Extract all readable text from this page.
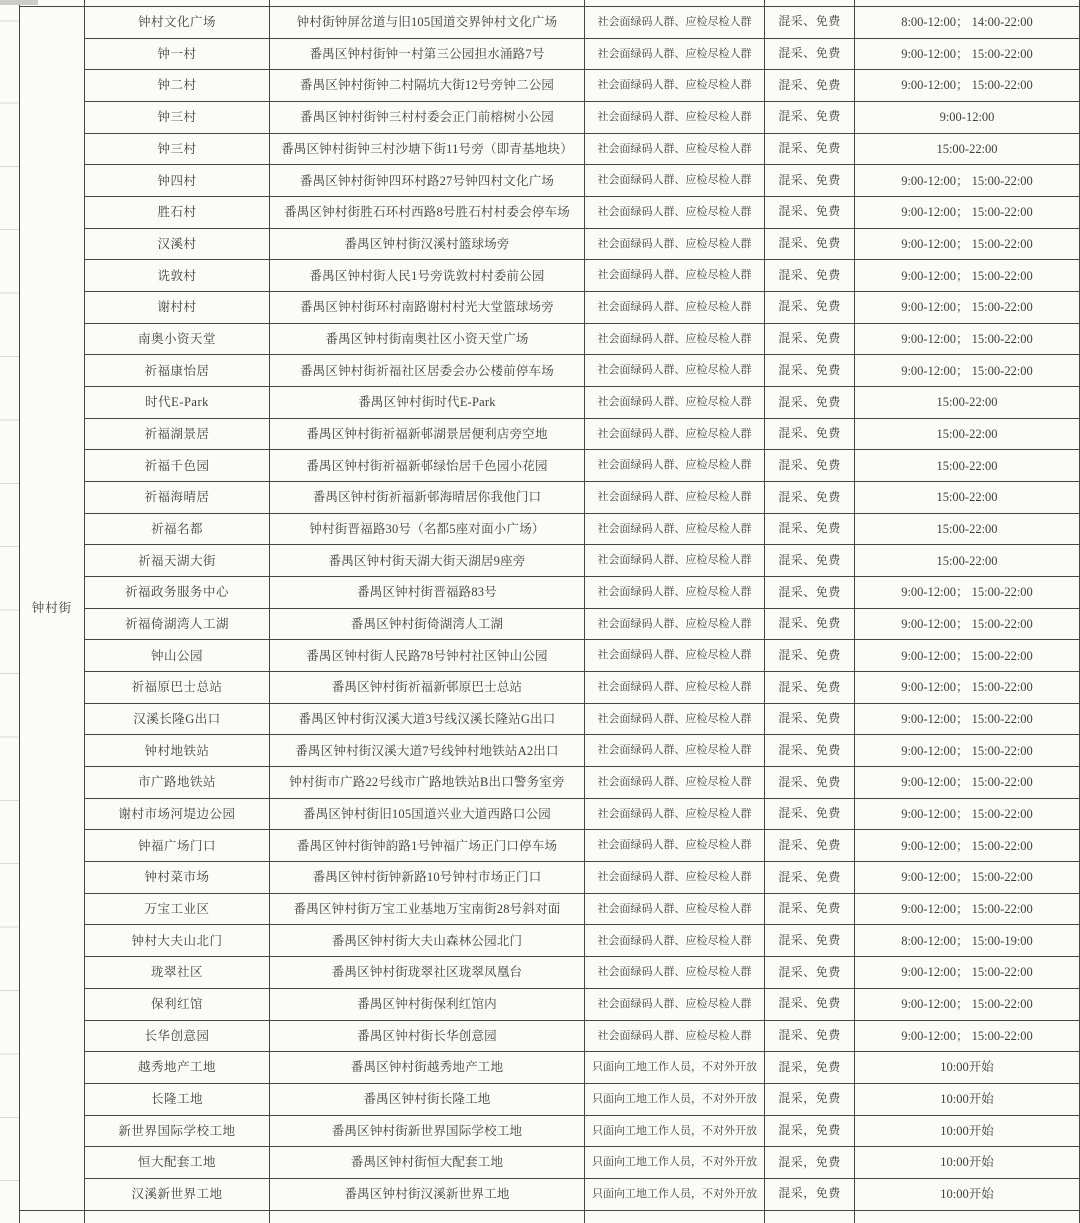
钟村街
钟村文化广场	钟村街钟屏岔道与旧105国道交界钟村文化广场	社会面绿码人群、应检尽检人群	混采、免费	8:00-12:00； 14:00-22:00
钟一村	番禺区钟村街钟一村第三公园担水涌路7号	社会面绿码人群、应检尽检人群	混采、免费	9:00-12:00； 15:00-22:00
钟二村	番禺区钟村街钟二村隔坑大街12号旁钟二公园	社会面绿码人群、应检尽检人群	混采、免费	9:00-12:00； 15:00-22:00
钟三村	番禺区钟村街钟三村村委会正门前榕树小公园	社会面绿码人群、应检尽检人群	混采、免费	9:00-12:00
钟三村	番禺区钟村街钟三村沙塘下街11号旁（即青基地块）	社会面绿码人群、应检尽检人群	混采、免费	15:00-22:00
钟四村	番禺区钟村街钟四环村路27号钟四村文化广场	社会面绿码人群、应检尽检人群	混采、免费	9:00-12:00； 15:00-22:00
胜石村	番禺区钟村街胜石环村西路8号胜石村村委会停车场	社会面绿码人群、应检尽检人群	混采、免费	9:00-12:00； 15:00-22:00
汉溪村	番禺区钟村街汉溪村篮球场旁	社会面绿码人群、应检尽检人群	混采、免费	9:00-12:00； 15:00-22:00
诜敦村	番禺区钟村街人民1号旁诜敦村村委前公园	社会面绿码人群、应检尽检人群	混采、免费	9:00-12:00； 15:00-22:00
谢村村	番禺区钟村街环村南路谢村村光大堂篮球场旁	社会面绿码人群、应检尽检人群	混采、免费	9:00-12:00； 15:00-22:00
南奥小资天堂	番禺区钟村街南奥社区小资天堂广场	社会面绿码人群、应检尽检人群	混采、免费	9:00-12:00； 15:00-22:00
祈福康怡居	番禺区钟村街祈福社区居委会办公楼前停车场	社会面绿码人群、应检尽检人群	混采、免费	9:00-12:00； 15:00-22:00
时代E-Park	番禺区钟村街时代E-Park	社会面绿码人群、应检尽检人群	混采、免费	15:00-22:00
祈福湖景居	番禺区钟村街祈福新邨湖景居便利店旁空地	社会面绿码人群、应检尽检人群	混采、免费	15:00-22:00
祈福千色园	番禺区钟村街祈福新邨绿怡居千色园小花园	社会面绿码人群、应检尽检人群	混采、免费	15:00-22:00
祈福海晴居	番禺区钟村街祈福新邨海晴居你我他门口	社会面绿码人群、应检尽检人群	混采、免费	15:00-22:00
祈福名都	钟村街晋福路30号（名都5座对面小广场）	社会面绿码人群、应检尽检人群	混采、免费	15:00-22:00
祈福天湖大街	番禺区钟村街天湖大街天湖居9座旁	社会面绿码人群、应检尽检人群	混采、免费	15:00-22:00
祈福政务服务中心	番禺区钟村街晋福路83号	社会面绿码人群、应检尽检人群	混采、免费	9:00-12:00； 15:00-22:00
祈福倚湖湾人工湖	番禺区钟村街倚湖湾人工湖	社会面绿码人群、应检尽检人群	混采、免费	9:00-12:00； 15:00-22:00
钟山公园	番禺区钟村街人民路78号钟村社区钟山公园	社会面绿码人群、应检尽检人群	混采、免费	9:00-12:00； 15:00-22:00
祈福原巴士总站	番禺区钟村街祈福新邨原巴士总站	社会面绿码人群、应检尽检人群	混采、免费	9:00-12:00； 15:00-22:00
汉溪长隆G出口	番禺区钟村街汉溪大道3号线汉溪长隆站G出口	社会面绿码人群、应检尽检人群	混采、免费	9:00-12:00； 15:00-22:00
钟村地铁站	番禺区钟村街汉溪大道7号线钟村地铁站A2出口	社会面绿码人群、应检尽检人群	混采、免费	9:00-12:00； 15:00-22:00
市广路地铁站	钟村街市广路22号线市广路地铁站B出口警务室旁	社会面绿码人群、应检尽检人群	混采、免费	9:00-12:00； 15:00-22:00
谢村市场河堤边公园	番禺区钟村街旧105国道兴业大道西路口公园	社会面绿码人群、应检尽检人群	混采、免费	9:00-12:00； 15:00-22:00
钟福广场门口	番禺区钟村街钟韵路1号钟福广场正门口停车场	社会面绿码人群、应检尽检人群	混采、免费	9:00-12:00； 15:00-22:00
钟村菜市场	番禺区钟村街钟新路10号钟村市场正门口	社会面绿码人群、应检尽检人群	混采、免费	9:00-12:00； 15:00-22:00
万宝工业区	番禺区钟村街万宝工业基地万宝南街28号斜对面	社会面绿码人群、应检尽检人群	混采、免费	9:00-12:00； 15:00-22:00
钟村大夫山北门	番禺区钟村街大夫山森林公园北门	社会面绿码人群、应检尽检人群	混采、免费	8:00-12:00； 15:00-19:00
珑翠社区	番禺区钟村街珑翠社区珑翠凤凰台	社会面绿码人群、应检尽检人群	混采、免费	9:00-12:00； 15:00-22:00
保利红馆	番禺区钟村街保利红馆内	社会面绿码人群、应检尽检人群	混采、免费	9:00-12:00； 15:00-22:00
长华创意园	番禺区钟村街长华创意园	社会面绿码人群、应检尽检人群	混采、免费	9:00-12:00； 15:00-22:00
越秀地产工地	番禺区钟村街越秀地产工地	只面向工地工作人员，不对外开放	混采，免费	10:00开始
长隆工地	番禺区钟村街长隆工地	只面向工地工作人员，不对外开放	混采，免费	10:00开始
新世界国际学校工地	番禺区钟村街新世界国际学校工地	只面向工地工作人员，不对外开放	混采，免费	10:00开始
恒大配套工地	番禺区钟村街恒大配套工地	只面向工地工作人员，不对外开放	混采，免费	10:00开始
汉溪新世界工地	番禺区钟村街汉溪新世界工地	只面向工地工作人员，不对外开放	混采，免费	10:00开始
